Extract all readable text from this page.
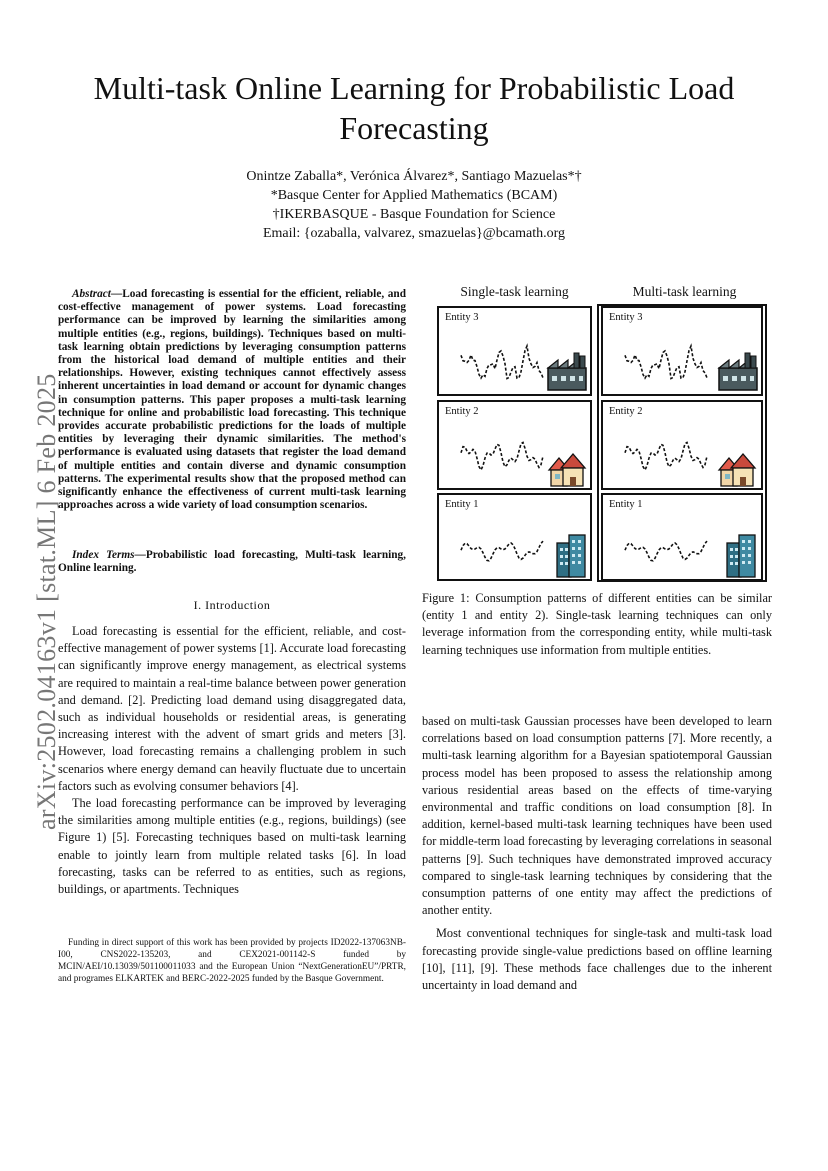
Multi-task Online Learning for Probabilistic Load Forecasting
Onintze Zaballa*, Verónica Álvarez*, Santiago Mazuelas*†
*Basque Center for Applied Mathematics (BCAM)
†IKERBASQUE - Basque Foundation for Science
Email: {ozaballa, valvarez, smazuelas}@bcamath.org
arXiv:2502.04163v1 [stat.ML] 6 Feb 2025

Abstract—Load forecasting is essential for the efficient, reliable, and cost-effective management of power systems. Load forecasting performance can be improved by learning the similarities among multiple entities (e.g., regions, buildings). Techniques based on multi-task learning obtain predictions by leveraging consumption patterns from the historical load demand of multiple entities and their relationships. However, existing techniques cannot effectively assess inherent uncertainties in load demand or account for dynamic changes in consumption patterns. This paper proposes a multi-task learning technique for online and probabilistic load forecasting. This technique provides accurate probabilistic predictions for the loads of multiple entities by leveraging their dynamic similarities. The method's performance is evaluated using datasets that register the load demand of multiple entities and contain diverse and dynamic consumption patterns. The experimental results show that the proposed method can significantly enhance the effectiveness of current multi-task learning approaches across a wide variety of load consumption scenarios.

Index Terms—Probabilistic load forecasting, Multi-task learning, Online learning.
I. Introduction

Load forecasting is essential for the efficient, reliable, and cost-effective management of power systems [1]. Accurate load forecasting can significantly improve energy management, as electrical systems are required to maintain a real-time balance between power generation and demand. [2]. Predicting load demand using disaggregated data, such as individual households or residential areas, is generating increasing interest with the advent of smart grids and meters [3]. However, load forecasting remains a challenging problem in such scenarios where energy demand can heavily fluctuate due to uncertain factors such as evolving consumer behaviors [4].

The load forecasting performance can be improved by leveraging the similarities among multiple entities (e.g., regions, buildings) (see Figure 1) [5]. Forecasting techniques based on multi-task learning enable to jointly learn from multiple related tasks [6]. In load forecasting, tasks can be referred to as entities, such as regions, buildings, or apartments. Techniques

Funding in direct support of this work has been provided by projects ID2022-137063NB-I00, CNS2022-135203, and CEX2021-001142-S funded by MCIN/AEI/10.13039/501100011033 and the European Union “NextGenerationEU”/PRTR, and programes ELKARTEK and BERC-2022-2025 funded by the Basque Government.

Single-task learning	Multi-task learning
Entity 3
Entity 2
Entity 1
Entity 3
Entity 2
Entity 1
Figure 1: Consumption patterns of different entities can be similar (entity 1 and entity 2). Single-task learning techniques can only leverage information from the corresponding entity, while multi-task learning techniques use information from multiple entities.

based on multi-task Gaussian processes have been developed to learn correlations based on load consumption patterns [7]. More recently, a multi-task learning algorithm for a Bayesian spatiotemporal Gaussian process model has been proposed to assess the relationship among various residential areas based on the effects of time-varying environmental and traffic conditions on load consumption [8]. In addition, kernel-based multi-task learning techniques have been used for middle-term load forecasting by leveraging correlations in seasonal patterns [9]. Such techniques have demonstrated improved accuracy compared to single-task learning techniques by considering that the consumption patterns of one entity may affect the predictions of another entity.

Most conventional techniques for single-task and multi-task load forecasting provide single-value predictions based on offline learning [10], [11], [9]. These methods face challenges due to the inherent uncertainty in load demand and
